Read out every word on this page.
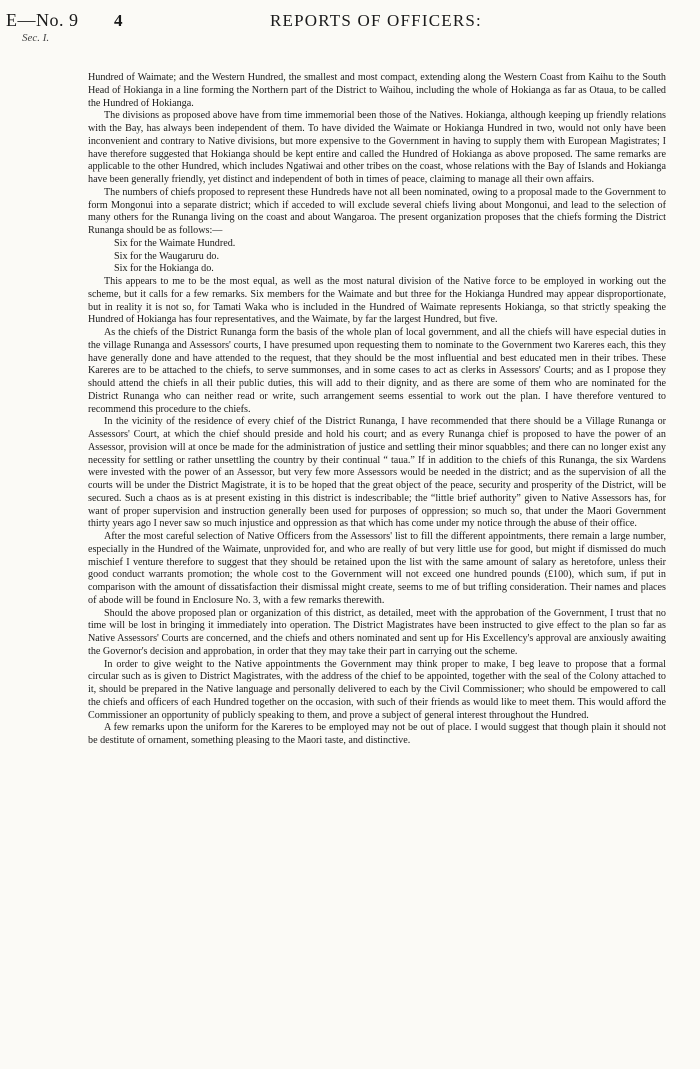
E—No. 9
Sec. I.
4	REPORTS OF OFFICERS:

Hundred of Waimate; and the Western Hundred, the smallest and most compact, extending along the Western Coast from Kaihu to the South Head of Hokianga in a line forming the Northern part of the District to Waihou, including the whole of Hokianga as far as Otaua, to be called the Hundred of Hokianga.

The divisions as proposed above have from time immemorial been those of the Natives. Hokianga, although keeping up friendly relations with the Bay, has always been independent of them. To have divided the Waimate or Hokianga Hundred in two, would not only have been inconvenient and contrary to Native divisions, but more expensive to the Government in having to supply them with European Magistrates; I have therefore suggested that Hokianga should be kept entire and called the Hundred of Hokianga as above proposed. The same remarks are applicable to the other Hundred, which includes Ngatiwai and other tribes on the coast, whose relations with the Bay of Islands and Hokianga have been generally friendly, yet distinct and independent of both in times of peace, claiming to manage all their own affairs.

The numbers of chiefs proposed to represent these Hundreds have not all been nominated, owing to a proposal made to the Government to form Mongonui into a separate district; which if acceded to will exclude several chiefs living about Mongonui, and lead to the selection of many others for the Runanga living on the coast and about Wangaroa. The present organization proposes that the chiefs forming the District Runanga should be as follows:—

Six for the Waimate Hundred.

Six for the Waugaruru do.

Six for the Hokianga do.

This appears to me to be the most equal, as well as the most natural division of the Native force to be employed in working out the scheme, but it calls for a few remarks. Six members for the Waimate and but three for the Hokianga Hundred may appear disproportionate, but in reality it is not so, for Tamati Waka who is included in the Hundred of Waimate represents Hokianga, so that strictly speaking the Hundred of Hokianga has four representatives, and the Waimate, by far the largest Hundred, but five.

As the chiefs of the District Runanga form the basis of the whole plan of local government, and all the chiefs will have especial duties in the village Runanga and Assessors' courts, I have presumed upon requesting them to nominate to the Government two Kareres each, this they have generally done and have attended to the request, that they should be the most influential and best educated men in their tribes. These Kareres are to be attached to the chiefs, to serve summonses, and in some cases to act as clerks in Assessors' Courts; and as I propose they should attend the chiefs in all their public duties, this will add to their dignity, and as there are some of them who are nominated for the District Runanga who can neither read or write, such arrangement seems essential to work out the plan. I have therefore ventured to recommend this procedure to the chiefs.

In the vicinity of the residence of every chief of the District Runanga, I have recommended that there should be a Village Runanga or Assessors' Court, at which the chief should preside and hold his court; and as every Runanga chief is proposed to have the power of an Assessor, provision will at once be made for the administration of justice and settling their minor squabbles; and there can no longer exist any necessity for settling or rather unsettling the country by their continual “ taua.” If in addition to the chiefs of this Runanga, the six Wardens were invested with the power of an Assessor, but very few more Assessors would be needed in the district; and as the supervision of all the courts will be under the District Magistrate, it is to be hoped that the great object of the peace, security and prosperity of the District, will be secured. Such a chaos as is at present existing in this district is indescribable; the “little brief authority” given to Native Assessors has, for want of proper supervision and instruction generally been used for purposes of oppression; so much so, that under the Maori Government thirty years ago I never saw so much injustice and oppression as that which has come under my notice through the abuse of their office.

After the most careful selection of Native Officers from the Assessors' list to fill the different appointments, there remain a large number, especially in the Hundred of the Waimate, unprovided for, and who are really of but very little use for good, but might if dismissed do much mischief I venture therefore to suggest that they should be retained upon the list with the same amount of salary as heretofore, unless their good conduct warrants promotion; the whole cost to the Government will not exceed one hundred pounds (£100), which sum, if put in comparison with the amount of dissatisfaction their dismissal might create, seems to me of but trifling consideration. Their names and places of abode will be found in Enclosure No. 3, with a few remarks therewith.

Should the above proposed plan or organization of this district, as detailed, meet with the approbation of the Government, I trust that no time will be lost in bringing it immediately into operation. The District Magistrates have been instructed to give effect to the plan so far as Native Assessors' Courts are concerned, and the chiefs and others nominated and sent up for His Excellency's approval are anxiously awaiting the Governor's decision and approbation, in order that they may take their part in carrying out the scheme.

In order to give weight to the Native appointments the Government may think proper to make, I beg leave to propose that a formal circular such as is given to District Magistrates, with the address of the chief to be appointed, together with the seal of the Colony attached to it, should be prepared in the Native language and personally delivered to each by the Civil Commissioner; who should be empowered to call the chiefs and officers of each Hundred together on the occasion, with such of their friends as would like to meet them. This would afford the Commissioner an opportunity of publicly speaking to them, and prove a subject of general interest throughout the Hundred.

A few remarks upon the uniform for the Kareres to be employed may not be out of place. I would suggest that though plain it should not be destitute of ornament, something pleasing to the Maori taste, and distinctive.
